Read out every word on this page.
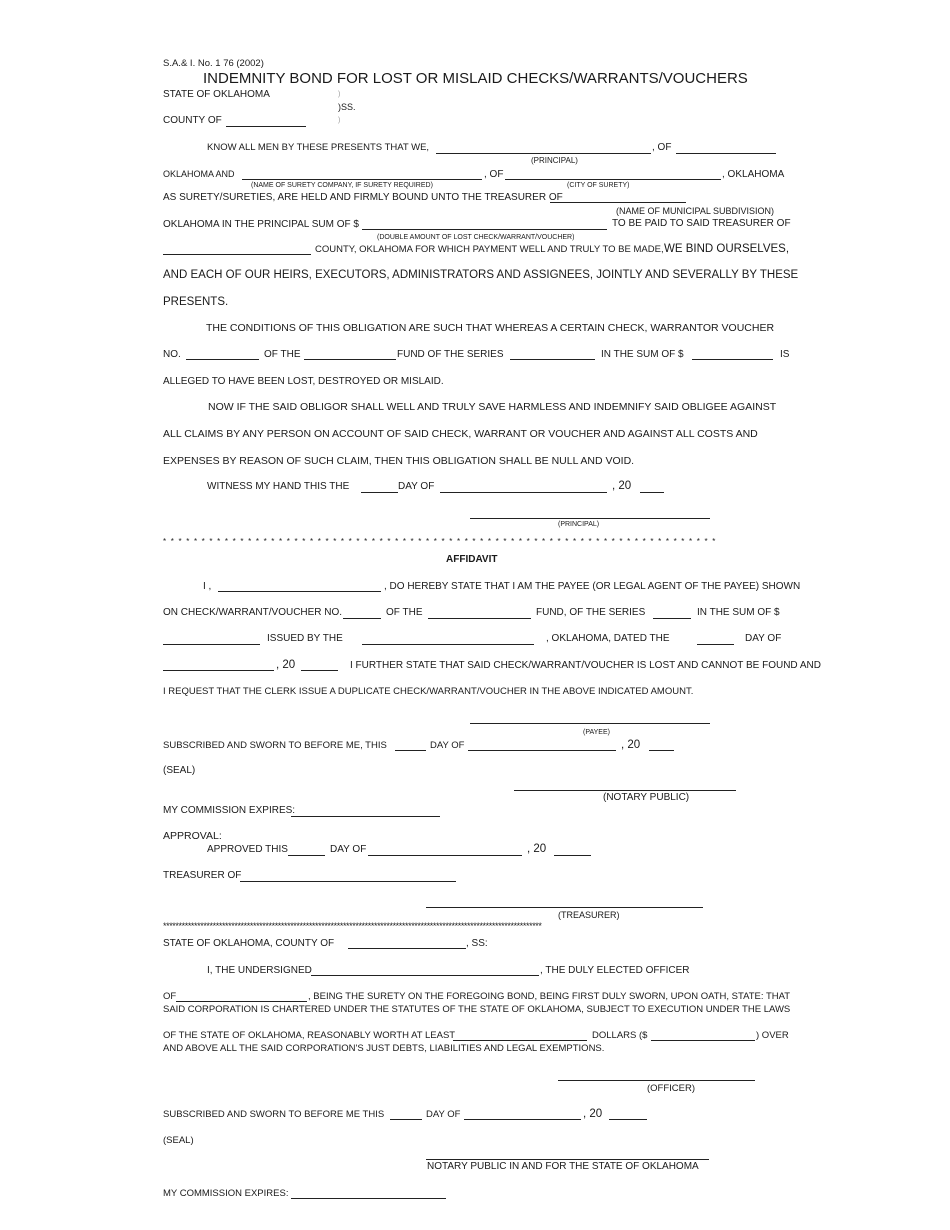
S.A.& I. No. 1 76 (2002)
INDEMNITY BOND FOR LOST OR MISLAID CHECKS/WARRANTS/VOUCHERS
STATE OF OKLAHOMA	)
)SS.
)
COUNTY OF
KNOW ALL MEN BY THESE PRESENTS THAT WE,	, OF
(PRINCIPAL)
OKLAHOMA AND	, OF	, OKLAHOMA
(NAME OF SURETY COMPANY, IF SURETY REQUIRED)	(CITY OF SURETY)
AS SURETY/SURETIES, ARE HELD AND FIRMLY BOUND UNTO THE TREASURER OF
(NAME OF MUNICIPAL SUBDIVISION)
OKLAHOMA IN THE PRINCIPAL SUM OF $	TO BE PAID TO SAID TREASURER OF
(DOUBLE AMOUNT OF LOST CHECK/WARRANT/VOUCHER)
COUNTY, OKLAHOMA FOR WHICH PAYMENT WELL AND TRULY TO BE MADE, WE BIND OURSELVES,
AND EACH OF OUR HEIRS, EXECUTORS, ADMINISTRATORS AND ASSIGNEES, JOINTLY AND SEVERALLY BY THESE
PRESENTS.
THE CONDITIONS OF THIS OBLIGATION ARE SUCH THAT WHEREAS A CERTAIN CHECK, WARRANTOR VOUCHER
NO.	OF THE	FUND OF THE SERIES	IN THE SUM OF $	IS
ALLEGED TO HAVE BEEN LOST, DESTROYED OR MISLAID.
NOW IF THE SAID OBLIGOR SHALL WELL AND TRULY SAVE HARMLESS AND INDEMNIFY SAID OBLIGEE AGAINST
ALL CLAIMS BY ANY PERSON ON ACCOUNT OF SAID CHECK, WARRANT OR VOUCHER AND AGAINST ALL COSTS AND
EXPENSES BY REASON OF SUCH CLAIM, THEN THIS OBLIGATION SHALL BE NULL AND VOID.
WITNESS MY HAND THIS THE	DAY OF	, 20
(PRINCIPAL)
* * * * * * * * * * * * * * * * * * * * * * * * * * * * * * * * * * * * * * * * * * * * * * * * * * * * * * * * * * * * * * * * * * * * * * * *
AFFIDAVIT
I ,	, DO HEREBY STATE THAT I AM THE PAYEE (OR LEGAL AGENT OF THE PAYEE) SHOWN
ON CHECK/WARRANT/VOUCHER NO.	OF THE	FUND, OF THE SERIES	IN THE SUM OF $
ISSUED BY THE	, OKLAHOMA, DATED THE	DAY OF
, 20	I FURTHER STATE THAT SAID CHECK/WARRANT/VOUCHER IS LOST AND CANNOT BE FOUND AND
I REQUEST THAT THE CLERK ISSUE A DUPLICATE CHECK/WARRANT/VOUCHER IN THE ABOVE INDICATED AMOUNT.
(PAYEE)
SUBSCRIBED AND SWORN TO BEFORE ME, THIS	DAY OF	, 20
(SEAL)
(NOTARY PUBLIC)
MY COMMISSION EXPIRES:
APPROVAL:
APPROVED THIS	DAY OF	, 20
TREASURER OF
(TREASURER)
**************************************************************************************************************************
STATE OF OKLAHOMA, COUNTY OF	, SS:
I, THE UNDERSIGNED	, THE DULY ELECTED OFFICER
OF	, BEING THE SURETY ON THE FOREGOING BOND, BEING FIRST DULY SWORN, UPON OATH, STATE: THAT
SAID CORPORATION IS CHARTERED UNDER THE STATUTES OF THE STATE OF OKLAHOMA, SUBJECT TO EXECUTION UNDER THE LAWS
OF THE STATE OF OKLAHOMA, REASONABLY WORTH AT LEAST	DOLLARS ($	) OVER
AND ABOVE ALL THE SAID CORPORATION'S JUST DEBTS, LIABILITIES AND LEGAL EXEMPTIONS.
(OFFICER)
SUBSCRIBED AND SWORN TO BEFORE ME THIS	DAY OF	, 20
(SEAL)
NOTARY PUBLIC IN AND FOR THE STATE OF OKLAHOMA
MY COMMISSION EXPIRES:
